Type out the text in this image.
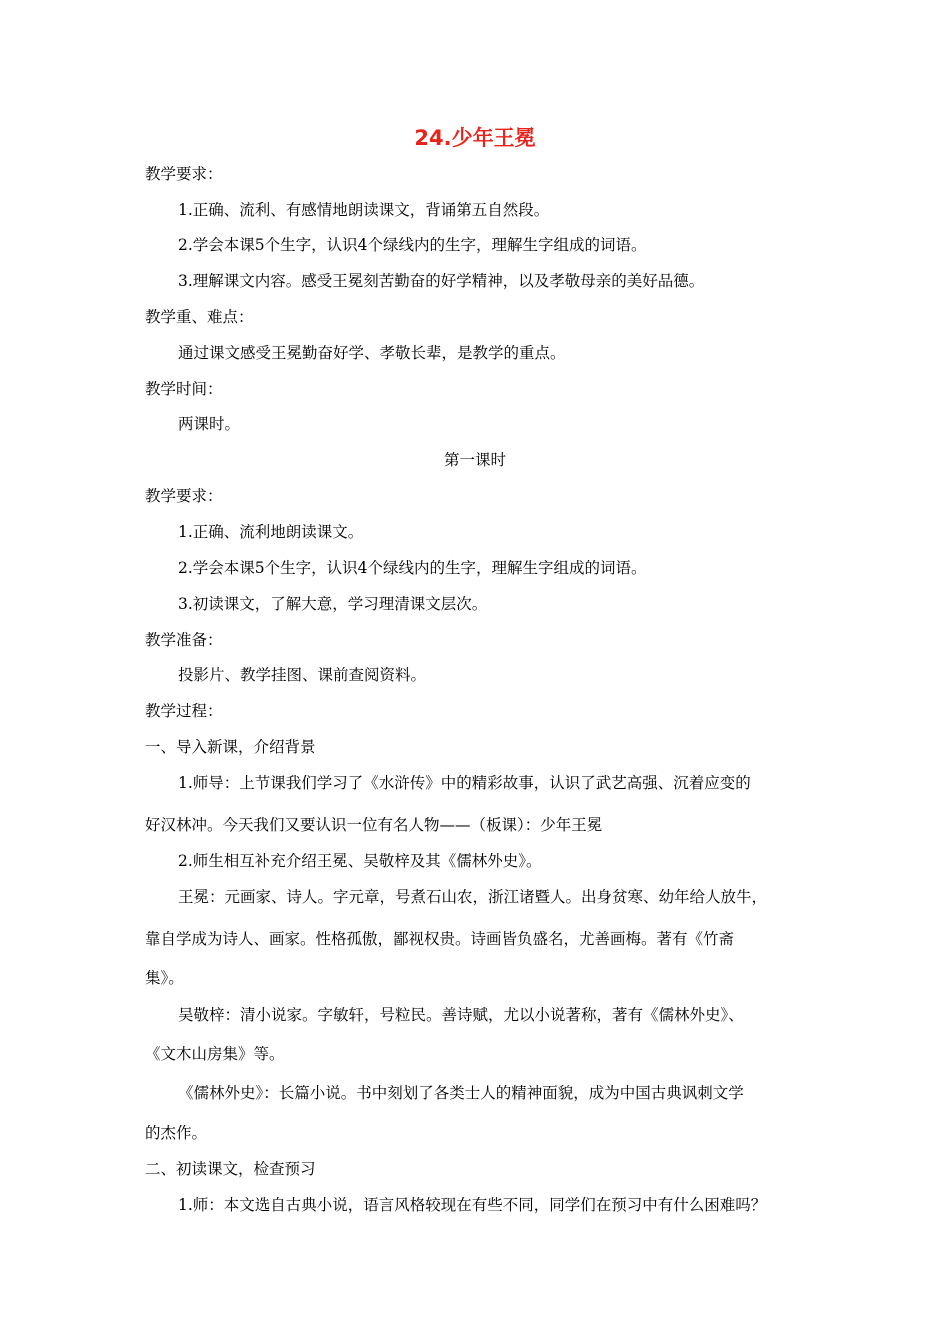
24.少年王冕
教学要求：
1.正确、流利、有感情地朗读课文，背诵第五自然段。
2.学会本课5个生字，认识4个绿线内的生字，理解生字组成的词语。
3.理解课文内容。感受王冕刻苦勤奋的好学精神，以及孝敬母亲的美好品德。
教学重、难点：
通过课文感受王冕勤奋好学、孝敬长辈，是教学的重点。
教学时间：
两课时。
第一课时
教学要求：
1.正确、流利地朗读课文。
2.学会本课5个生字，认识4个绿线内的生字，理解生字组成的词语。
3.初读课文，了解大意，学习理清课文层次。
教学准备：
投影片、教学挂图、课前查阅资料。
教学过程：
一、导入新课，介绍背景
1.师导：上节课我们学习了《水浒传》中的精彩故事，认识了武艺高强、沉着应变的
好汉林冲。今天我们又要认识一位有名人物——（板课）：少年王冕
2.师生相互补充介绍王冕、吴敬梓及其《儒林外史》。
王冕：元画家、诗人。字元章，号煮石山农，浙江诸暨人。出身贫寒、幼年给人放牛，
靠自学成为诗人、画家。性格孤傲，鄙视权贵。诗画皆负盛名，尤善画梅。著有《竹斋
集》。
吴敬梓：清小说家。字敏轩，号粒民。善诗赋，尤以小说著称，著有《儒林外史》、
《文木山房集》等。
《儒林外史》：长篇小说。书中刻划了各类士人的精神面貌，成为中国古典讽刺文学
的杰作。
二、初读课文，检查预习
1.师：本文选自古典小说，语言风格较现在有些不同，同学们在预习中有什么困难吗？
